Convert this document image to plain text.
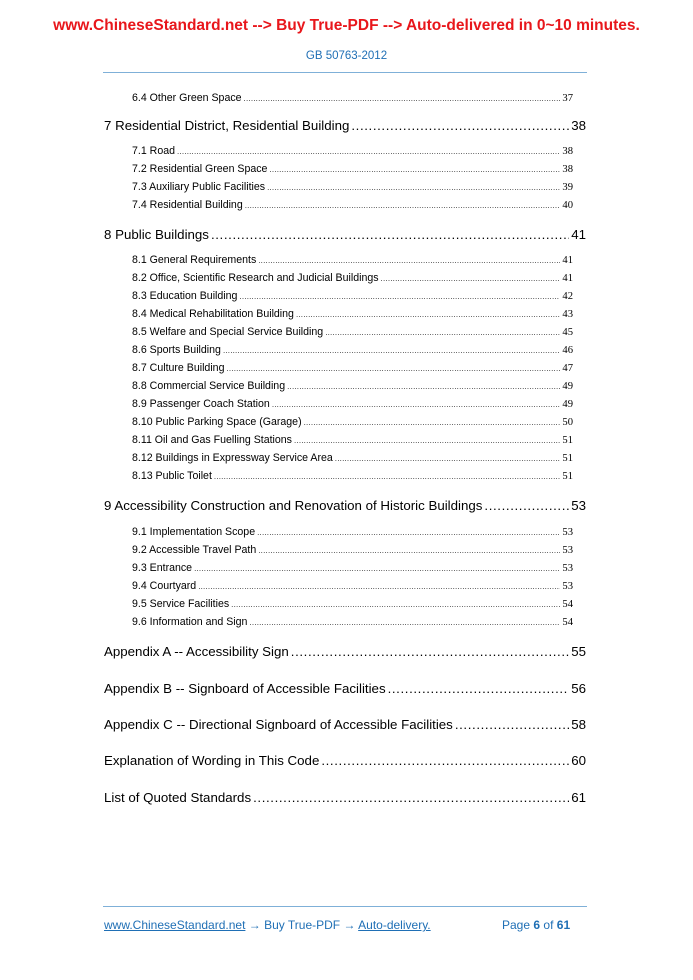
www.ChineseStandard.net --> Buy True-PDF --> Auto-delivered in 0~10 minutes.
GB 50763-2012
6.4 Other Green Space .....	37
7 Residential District, Residential Building .....	38
7.1 Road .....	38
7.2 Residential Green Space .....	38
7.3 Auxiliary Public Facilities .....	39
7.4 Residential Building .....	40
8 Public Buildings .....	41
8.1 General Requirements .....	41
8.2 Office, Scientific Research and Judicial Buildings .....	41
8.3 Education Building .....	42
8.4 Medical Rehabilitation Building .....	43
8.5 Welfare and Special Service Building .....	45
8.6 Sports Building .....	46
8.7 Culture Building .....	47
8.8 Commercial Service Building .....	49
8.9 Passenger Coach Station .....	49
8.10 Public Parking Space (Garage) .....	50
8.11 Oil and Gas Fuelling Stations .....	51
8.12 Buildings in Expressway Service Area .....	51
8.13 Public Toilet .....	51
9 Accessibility Construction and Renovation of Historic Buildings .....	53
9.1 Implementation Scope .....	53
9.2 Accessible Travel Path .....	53
9.3 Entrance .....	53
9.4 Courtyard .....	53
9.5 Service Facilities .....	54
9.6 Information and Sign .....	54
Appendix A -- Accessibility Sign .....	55
Appendix B -- Signboard of Accessible Facilities .....	56
Appendix C -- Directional Signboard of Accessible Facilities .....	58
Explanation of Wording in This Code .....	60
List of Quoted Standards .....	61
www.ChineseStandard.net → Buy True-PDF → Auto-delivery.	Page 6 of 61
